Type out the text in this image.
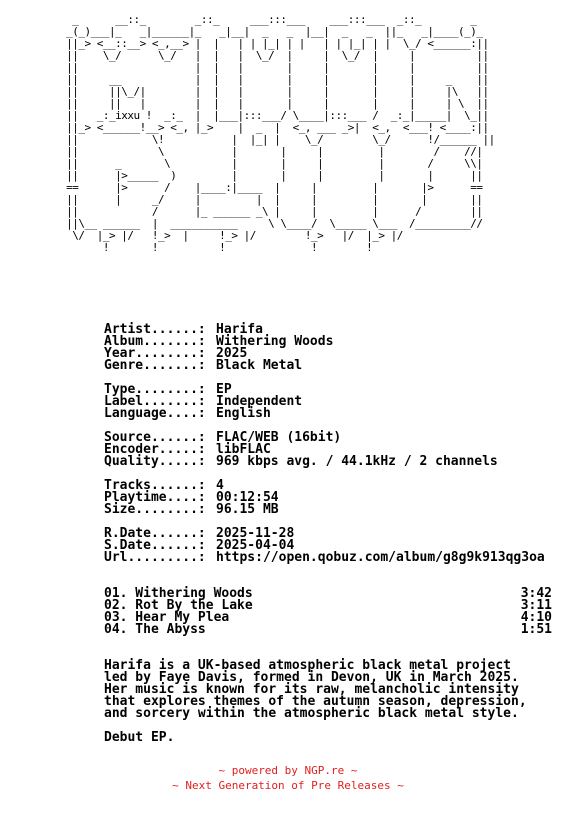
_      __::_        _::_     ___:::___    ___:::___  _::_        _
_(_)___|_   _|______|_   _|__|  _   _  |__|  _   _  ||_   _|____(_)_
||_> <__::__> <_,__> |  |   | | |_| | |   | | |_| | |  \_/ <______:||
||    \_/      \_/   |  |   |  \_/  |     |  \_/  |     |          ||
||                   |  |   |       |     |       |     |          ||
||     __            |  |   |       |     |       |     |     _    ||
||     ||\_/|        |  |   |       |     |       |     |     |\   ||
||     ||   |        |  |   |       |     |       |     |     | \  ||
||   _:_ixxu !  _:_  |  |___|:::___/ \____|:::___ /  _:_|_____|  \_||
||_> <______!__> <_, |_>    |  _  |  <_, ___ _>|  <_,  <___! <____:||
||            \!           |  |_| |    \_/        \_/      !/______ ||
||             \           |       |     |         |        /    //|
||      _       \          |       |     |         |       /     \\|
||      |>_____  )         |       |     |         |       |      ||
==      |>      /    |____:|____  |     |         |       |>      ==
||      |     _/     |         |  |     |         |       |       ||
||            /      |_ ______ _\ |     |         |      /        ||
||\__ ______  |  ___________     \ \____/  \_____ \___  /_________//
\/  |_> |/   !_>  |     !_> |/        !_>   |/  |_> |/
!       !          !              !        !
Artist......:Harifa
Album.......:Withering Woods
Year........:2025
Genre.......:Black Metal
Type........:EP
Label.......:Independent
Language....:English
Source......:FLAC/WEB (16bit)
Encoder.....:libFLAC
Quality.....:969 kbps avg. / 44.1kHz / 2 channels
Tracks......:4
Playtime....:00:12:54
Size........:96.15 MB
R.Date......:2025-11-28
S.Date......:2025-04-04
Url.........:https://open.qobuz.com/album/g8g9k913qg3oa
01. Withering Woods	3:42
02. Rot By the Lake	3:11
03. Hear My Plea	4:10
04. The Abyss	1:51
Harifa is a UK-based atmospheric black metal project
led by Faye Davis, formed in Devon, UK in March 2025.
Her music is known for its raw, melancholic intensity
that explores themes of the autumn season, depression,
and sorcery within the atmospheric black metal style.
Debut EP.
~ powered by NGP.re ~
~ Next Generation of Pre Releases ~
